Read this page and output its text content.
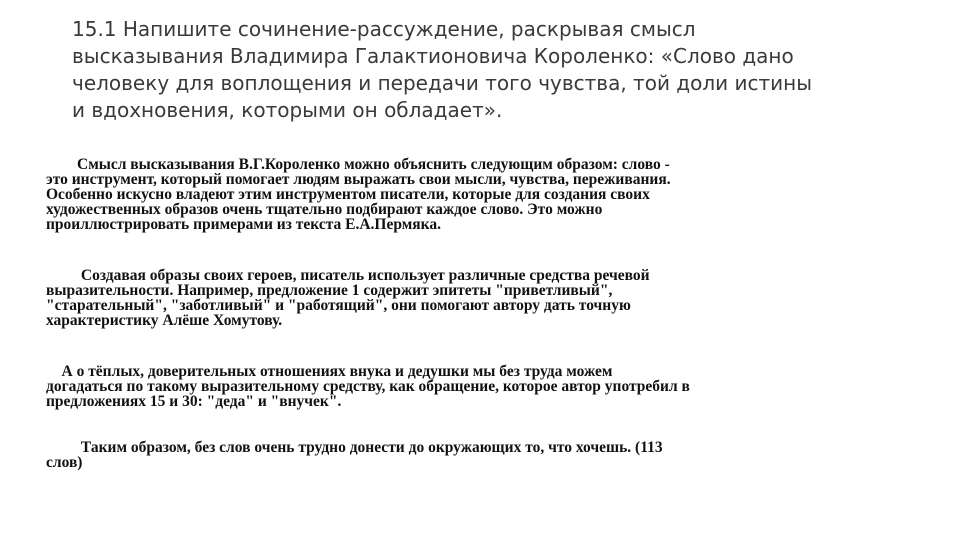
15.1 Напишите сочинение-рассуждение, раскрывая смысл
высказывания Владимира Галактионовича Короленко: «Слово дано
человеку для воплощения и передачи того чувства, той доли истины
и вдохновения, которыми он обладает».
Смысл высказывания В.Г.Короленко можно объяснить следующим образом: слово -
это инструмент, который помогает людям выражать свои мысли, чувства, переживания.
Особенно искусно владеют этим инструментом писатели, которые для создания своих
художественных образов очень тщательно подбирают каждое слово. Это можно
проиллюстрировать примерами из текста Е.А.Пермяка.
Создавая образы своих героев, писатель использует различные средства речевой
выразительности. Например, предложение 1 содержит эпитеты "приветливый",
"старательный", "заботливый" и "работящий", они помогают автору дать точную
характеристику Алёше Хомутову.
А о тёплых, доверительных отношениях внука и дедушки мы без труда можем
догадаться по такому выразительному средству, как обращение, которое автор употребил в
предложениях 15 и 30: "деда" и "внучек".
Таким образом, без слов очень трудно донести до окружающих то, что хочешь. (113
слов)
